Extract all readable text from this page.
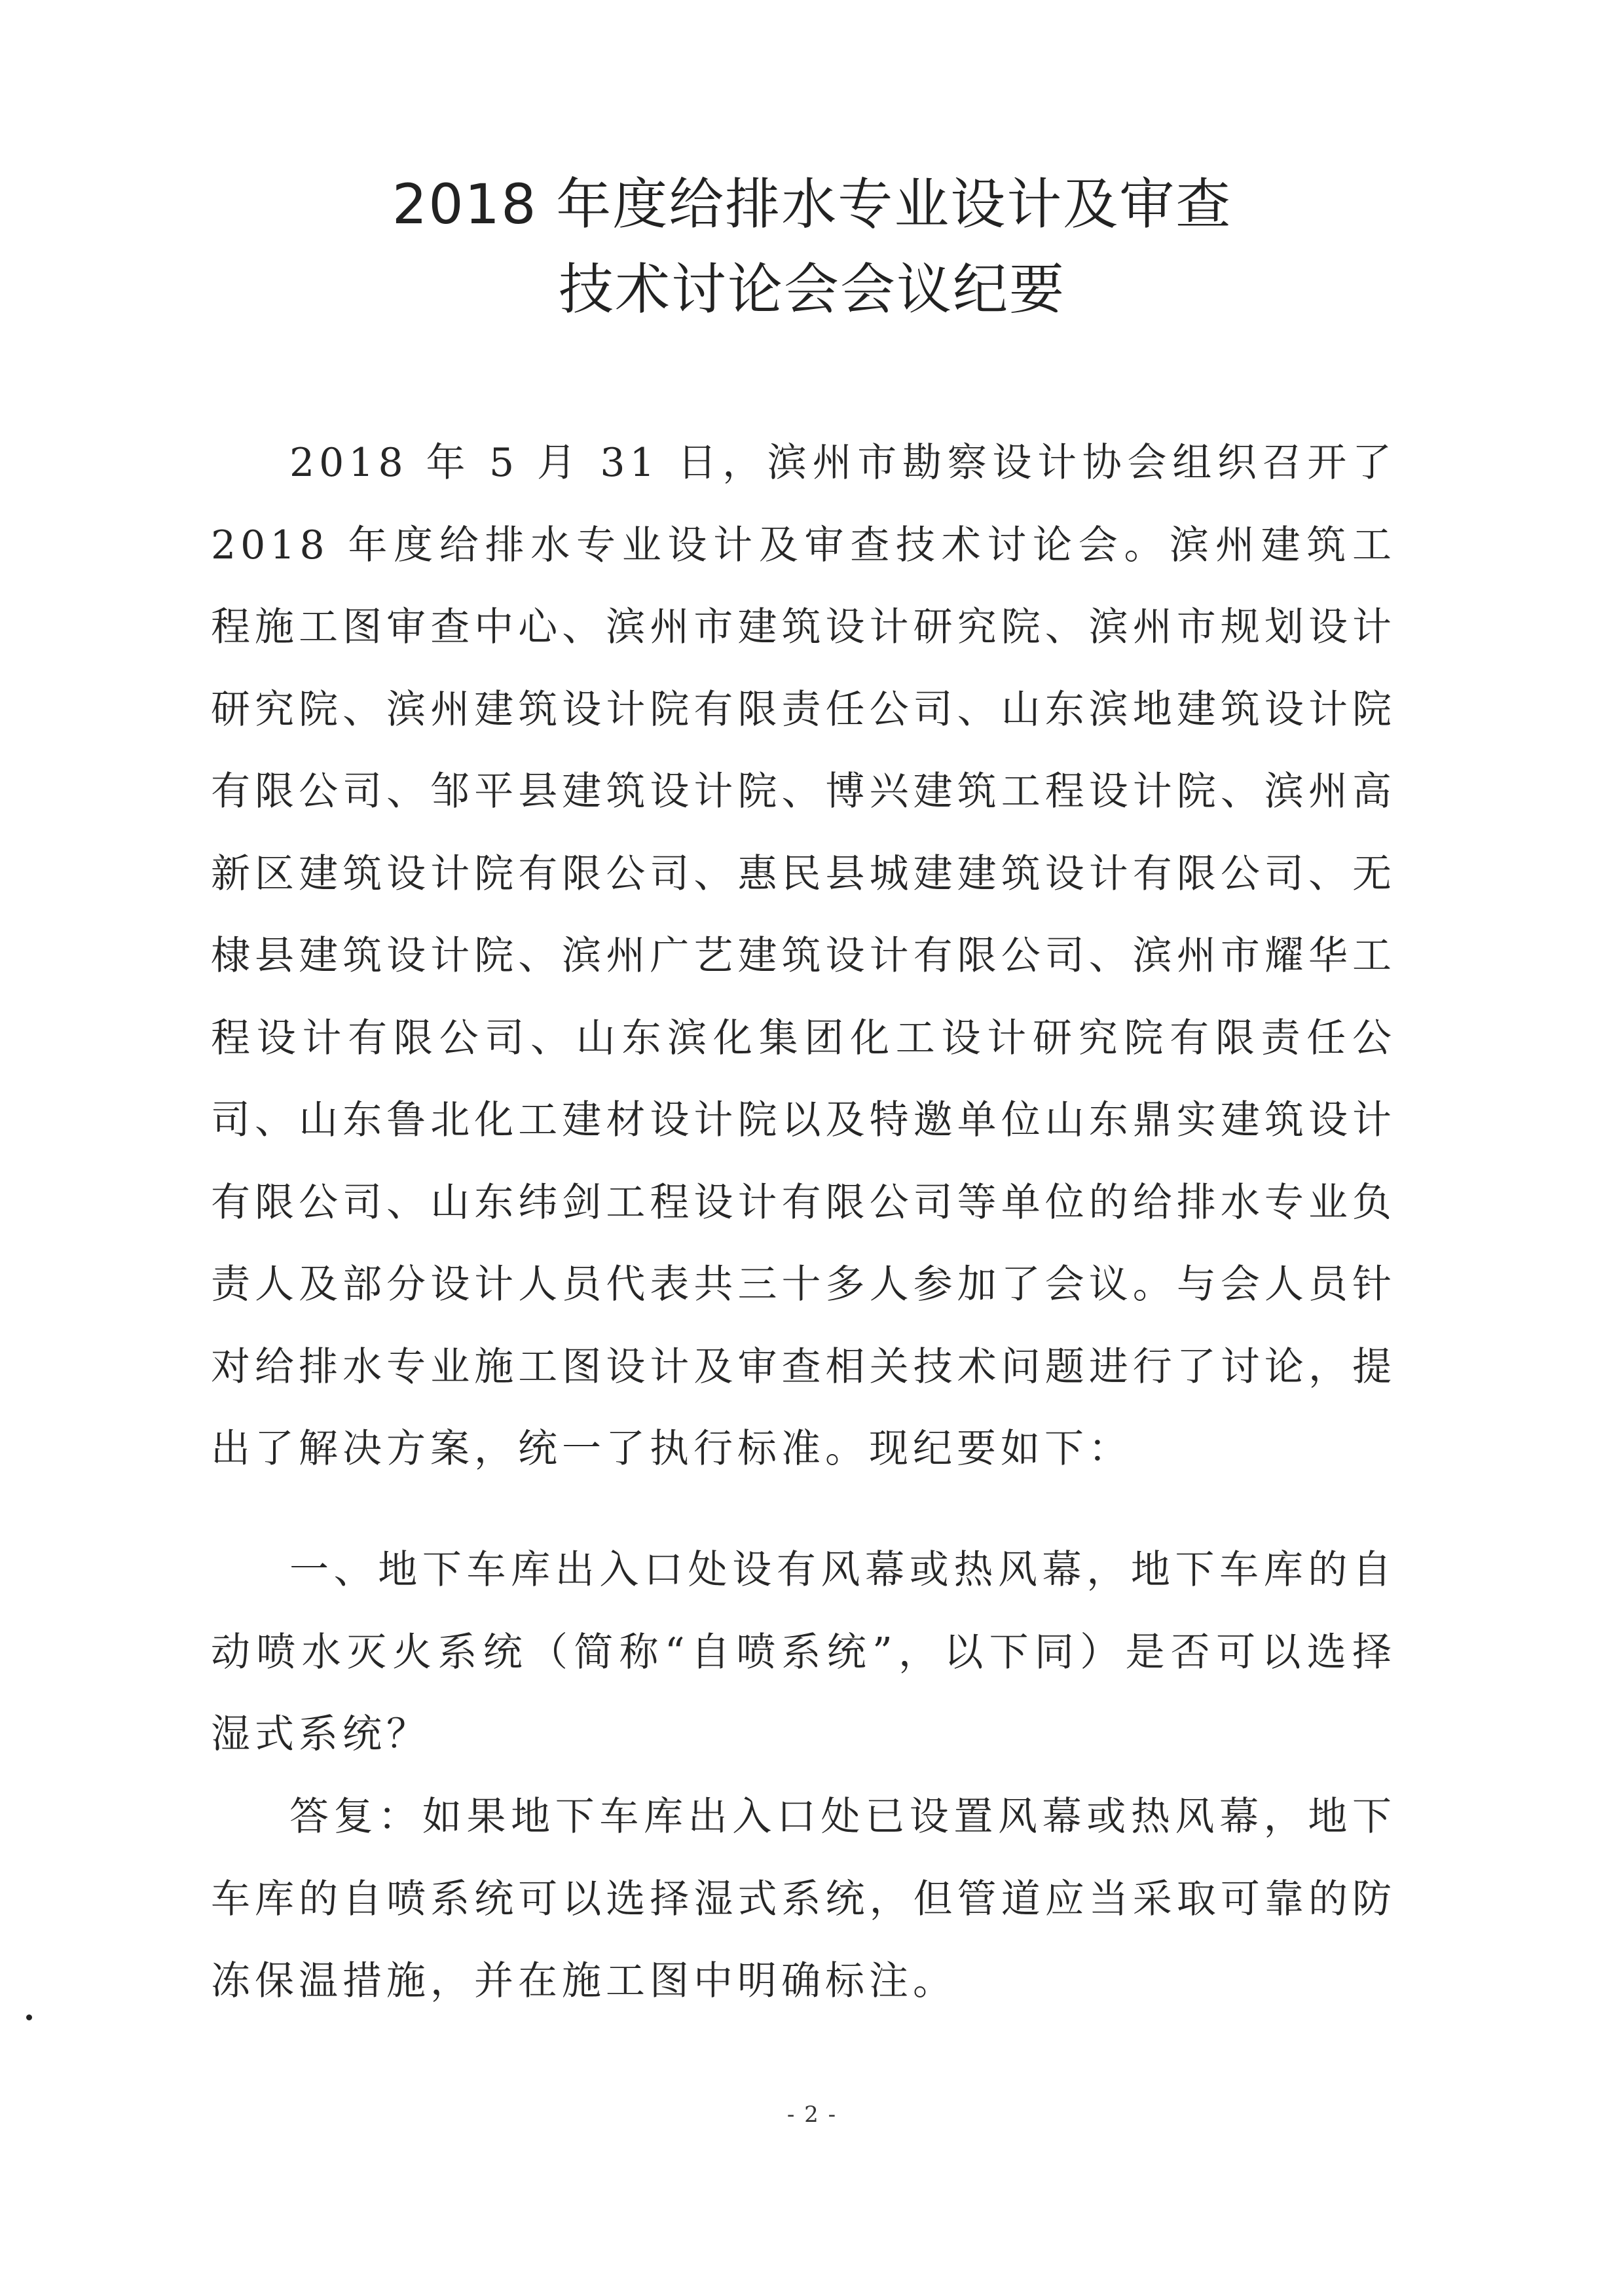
2018 年度给排水专业设计及审查
技术讨论会会议纪要

2018 年 5 月 31 日，滨州市勘察设计协会组织召开了 2018 年度给排水专业设计及审查技术讨论会。滨州建筑工程施工图审查中心、滨州市建筑设计研究院、滨州市规划设计研究院、滨州建筑设计院有限责任公司、山东滨地建筑设计院有限公司、邹平县建筑设计院、博兴建筑工程设计院、滨州高新区建筑设计院有限公司、惠民县城建建筑设计有限公司、无棣县建筑设计院、滨州广艺建筑设计有限公司、滨州市耀华工程设计有限公司、山东滨化集团化工设计研究院有限责任公司、山东鲁北化工建材设计院以及特邀单位山东鼎实建筑设计有限公司、山东纬剑工程设计有限公司等单位的给排水专业负责人及部分设计人员代表共三十多人参加了会议。与会人员针对给排水专业施工图设计及审查相关技术问题进行了讨论，提出了解决方案，统一了执行标准。现纪要如下：

一、地下车库出入口处设有风幕或热风幕，地下车库的自动喷水灭火系统（简称“自喷系统”，以下同）是否可以选择湿式系统？

答复：如果地下车库出入口处已设置风幕或热风幕，地下车库的自喷系统可以选择湿式系统，但管道应当采取可靠的防冻保温措施，并在施工图中明确标注。

- 2 -
